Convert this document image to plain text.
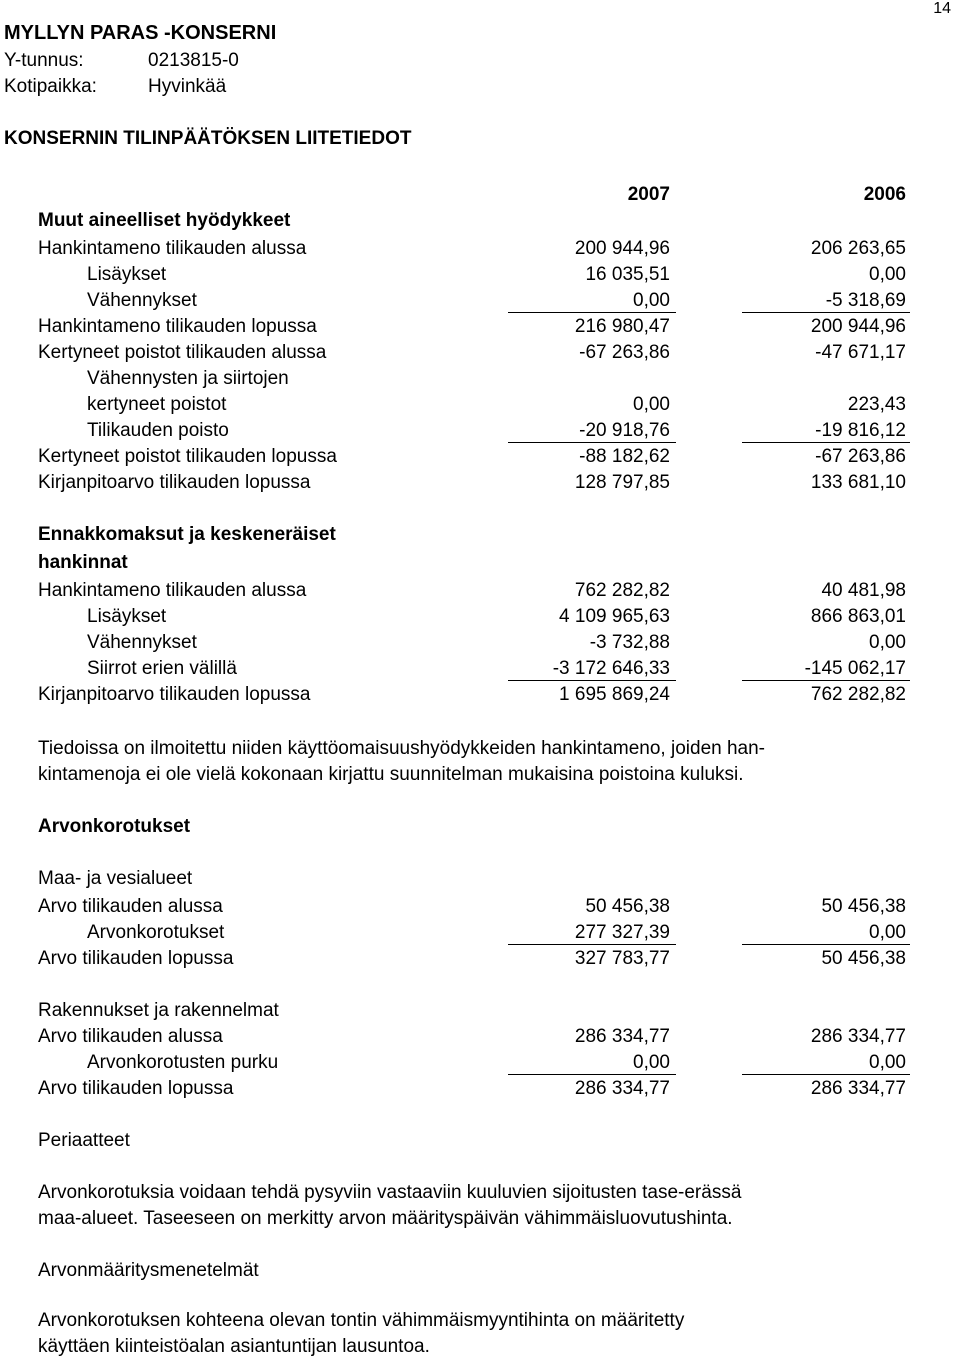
14
MYLLYN PARAS -KONSERNI
Y-tunnus:	0213815-0
Kotipaikka:	Hyvinkää
KONSERNIN TILINPÄÄTÖKSEN LIITETIEDOT
2007	2006
Muut aineelliset hyödykkeet
Hankintameno tilikauden alussa	200 944,96	206 263,65
Lisäykset	16 035,51	0,00
Vähennykset	0,00	-5 318,69
Hankintameno tilikauden lopussa	216 980,47	200 944,96
Kertyneet poistot tilikauden alussa	-67 263,86	-47 671,17
Vähennysten ja siirtojen
kertyneet poistot	0,00	223,43
Tilikauden poisto	-20 918,76	-19 816,12
Kertyneet poistot tilikauden lopussa	-88 182,62	-67 263,86
Kirjanpitoarvo tilikauden lopussa	128 797,85	133 681,10
Ennakkomaksut ja keskeneräiset
hankinnat
Hankintameno tilikauden alussa	762 282,82	40 481,98
Lisäykset	4 109 965,63	866 863,01
Vähennykset	-3 732,88	0,00
Siirrot erien välillä	-3 172 646,33	-145 062,17
Kirjanpitoarvo tilikauden lopussa	1 695 869,24	762 282,82
Tiedoissa on ilmoitettu niiden käyttöomaisuushyödykkeiden hankintameno, joiden han-
kintamenoja ei ole vielä kokonaan kirjattu suunnitelman mukaisina poistoina kuluksi.
Arvonkorotukset
Maa- ja vesialueet
Arvo tilikauden alussa	50 456,38	50 456,38
Arvonkorotukset	277 327,39	0,00
Arvo tilikauden lopussa	327 783,77	50 456,38
Rakennukset ja rakennelmat
Arvo tilikauden alussa	286 334,77	286 334,77
Arvonkorotusten purku	0,00	0,00
Arvo tilikauden lopussa	286 334,77	286 334,77
Periaatteet
Arvonkorotuksia voidaan tehdä pysyviin vastaaviin kuuluvien sijoitusten tase-erässä
maa-alueet. Taseeseen on merkitty arvon määrityspäivän vähimmäisluovutushinta.
Arvonmääritysmenetelmät
Arvonkorotuksen kohteena olevan tontin vähimmäismyyntihinta on määritetty
käyttäen kiinteistöalan asiantuntijan lausuntoa.
